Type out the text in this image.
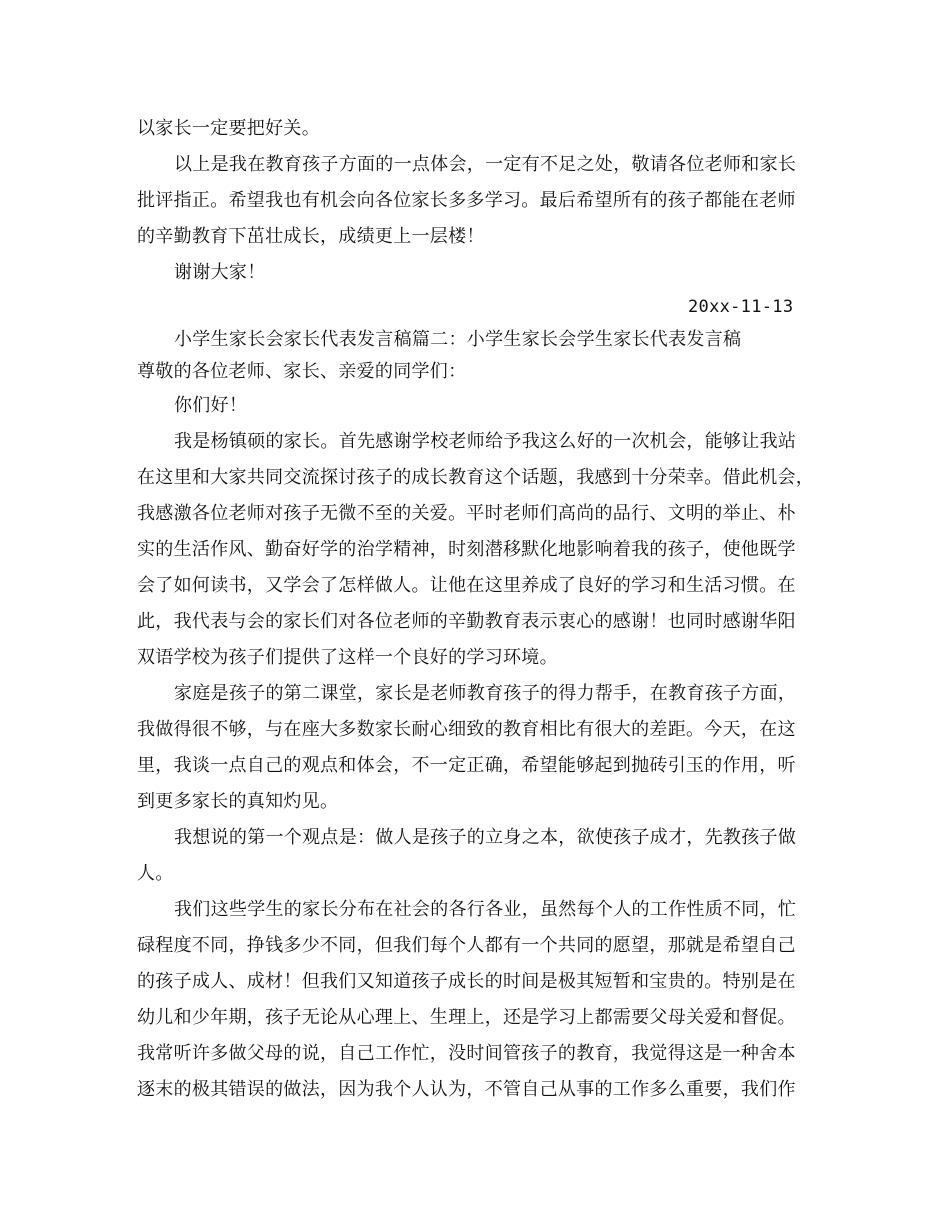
以家长一定要把好关。
以上是我在教育孩子方面的一点体会，一定有不足之处，敬请各位老师和家长
批评指正。希望我也有机会向各位家长多多学习。最后希望所有的孩子都能在老师
的辛勤教育下茁壮成长，成绩更上一层楼！
谢谢大家！
20xx-11-13
小学生家长会家长代表发言稿篇二：小学生家长会学生家长代表发言稿
尊敬的各位老师、家长、亲爱的同学们：
你们好！
我是杨镇硕的家长。首先感谢学校老师给予我这么好的一次机会，能够让我站
在这里和大家共同交流探讨孩子的成长教育这个话题，我感到十分荣幸。借此机会，
我感激各位老师对孩子无微不至的关爱。平时老师们高尚的品行、文明的举止、朴
实的生活作风、勤奋好学的治学精神，时刻潜移默化地影响着我的孩子，使他既学
会了如何读书，又学会了怎样做人。让他在这里养成了良好的学习和生活习惯。在
此，我代表与会的家长们对各位老师的辛勤教育表示衷心的感谢！也同时感谢华阳
双语学校为孩子们提供了这样一个良好的学习环境。
家庭是孩子的第二课堂，家长是老师教育孩子的得力帮手，在教育孩子方面，
我做得很不够，与在座大多数家长耐心细致的教育相比有很大的差距。今天，在这
里，我谈一点自己的观点和体会，不一定正确，希望能够起到抛砖引玉的作用，听
到更多家长的真知灼见。
我想说的第一个观点是：做人是孩子的立身之本，欲使孩子成才，先教孩子做
人。
我们这些学生的家长分布在社会的各行各业，虽然每个人的工作性质不同，忙
碌程度不同，挣钱多少不同，但我们每个人都有一个共同的愿望，那就是希望自己
的孩子成人、成材！但我们又知道孩子成长的时间是极其短暂和宝贵的。特别是在
幼儿和少年期，孩子无论从心理上、生理上，还是学习上都需要父母关爱和督促。
我常听许多做父母的说，自己工作忙，没时间管孩子的教育，我觉得这是一种舍本
逐末的极其错误的做法，因为我个人认为，不管自己从事的工作多么重要，我们作
